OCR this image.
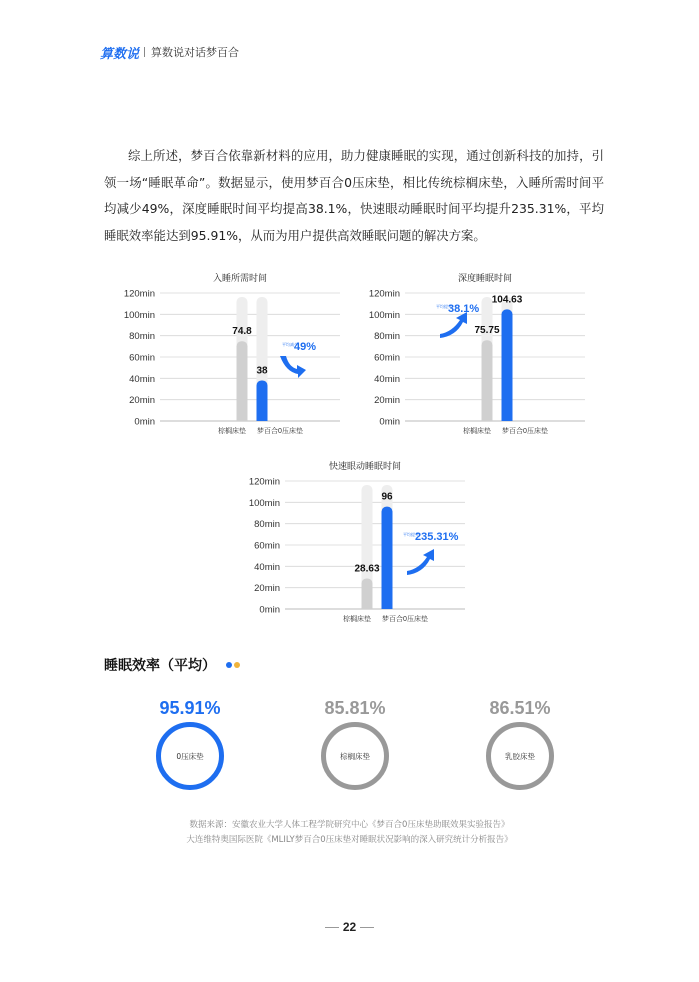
算数说 算数说对话梦百合

综上所述，梦百合依靠新材料的应用，助力健康睡眠的实现，通过创新科技的加持，引领一场“睡眠革命”。数据显示，使用梦百合0压床垫，相比传统棕榈床垫，入睡所需时间平均减少49%，深度睡眠时间平均提高38.1%，快速眼动睡眠时间平均提升235.31%，平均睡眠效率能达到95.91%，从而为用户提供高效睡眠问题的解决方案。

入睡所需时间
0min
20min
40min
60min
80min
100min
120min
74.8
棕榈床垫
38
梦百合0压床垫
平均减少
49%
深度睡眠时间
0min
20min
40min
60min
80min
100min
120min
75.75
棕榈床垫
104.63
梦百合0压床垫
平均提升
38.1%
快速眼动睡眠时间
0min
20min
40min
60min
80min
100min
120min
28.63
棕榈床垫
96
梦百合0压床垫
平均提升
235.31%
睡眠效率（平均）
95.91%
0压床垫
85.81%
棕榈床垫
86.51%
乳胶床垫
数据来源：安徽农业大学人体工程学院研究中心《梦百合0压床垫助眠效果实验报告》
大连维特奥国际医院《MLILY梦百合0压床垫对睡眠状况影响的深入研究统计分析报告》
22
